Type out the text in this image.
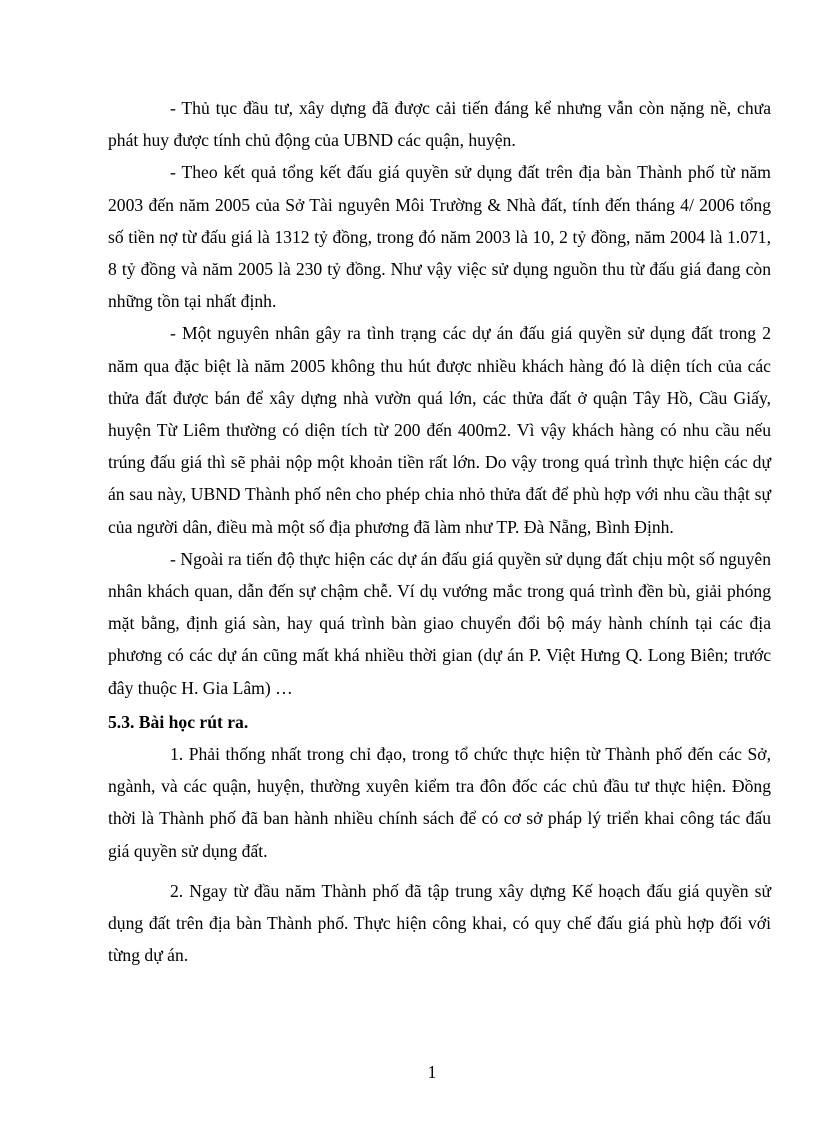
- Thủ tục đầu tư, xây dựng đã được cải tiến đáng kể nhưng vẫn còn nặng nề, chưa phát huy được tính chủ động của UBND các quận, huyện.

- Theo kết quả tổng kết đấu giá quyền sử dụng đất trên địa bàn Thành phố từ năm 2003 đến năm 2005 của Sở Tài nguyên Môi Trường & Nhà đất, tính đến tháng 4/ 2006 tổng số tiền nợ từ đấu giá là 1312 tỷ đồng, trong đó năm 2003 là 10, 2 tỷ đồng, năm 2004 là 1.071, 8 tỷ đồng và năm 2005 là 230 tỷ đồng. Như vậy việc sử dụng nguồn thu từ đấu giá đang còn những tồn tại nhất định.

- Một nguyên nhân gây ra tình trạng các dự án đấu giá quyền sử dụng đất trong 2 năm qua đặc biệt là năm 2005 không thu hút được nhiều khách hàng đó là diện tích của các thửa đất được bán để xây dựng nhà vườn quá lớn, các thửa đất ở quận Tây Hồ, Cầu Giấy, huyện Từ Liêm thường có diện tích từ 200 đến 400m2. Vì vậy khách hàng có nhu cầu nếu trúng đấu giá thì sẽ phải nộp một khoản tiền rất lớn. Do vậy trong quá trình thực hiện các dự án sau này, UBND Thành phố nên cho phép chia nhỏ thửa đất để phù hợp với nhu cầu thật sự của người dân, điều mà một số địa phương đã làm như TP. Đà Nẵng, Bình Định.

- Ngoài ra tiến độ thực hiện các dự án đấu giá quyền sử dụng đất chịu một số nguyên nhân khách quan, dẫn đến sự chậm chễ. Ví dụ vướng mắc trong quá trình đền bù, giải phóng mặt bằng, định giá sàn, hay quá trình bàn giao chuyển đổi bộ máy hành chính tại các địa phương có các dự án cũng mất khá nhiều thời gian (dự án P. Việt Hưng Q. Long Biên; trước đây thuộc H. Gia Lâm) …

5.3. Bài học rút ra.

1. Phải thống nhất trong chỉ đạo, trong tổ chức thực hiện từ Thành phố đến các Sở, ngành, và các quận, huyện, thường xuyên kiểm tra đôn đốc các chủ đầu tư thực hiện. Đồng thời là Thành phố đã ban hành nhiều chính sách để có cơ sở pháp lý triển khai công tác đấu giá quyền sử dụng đất.

2. Ngay từ đầu năm Thành phố đã tập trung xây dựng Kế hoạch đấu giá quyền sử dụng đất trên địa bàn Thành phố. Thực hiện công khai, có quy chế đấu giá phù hợp đối với từng dự án.

1
